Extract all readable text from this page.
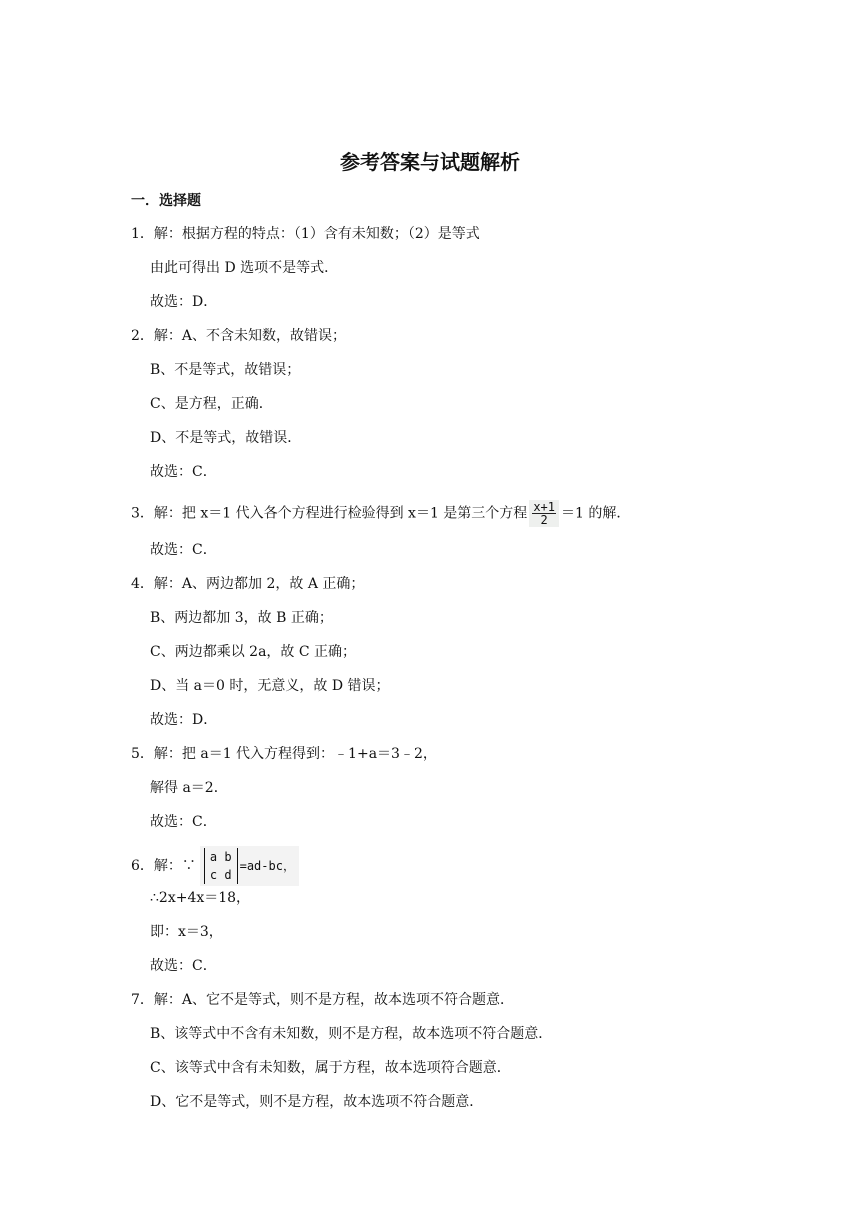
参考答案与试题解析
一．选择题
1．解：根据方程的特点：（1）含有未知数；（2）是等式
由此可得出 D 选项不是等式．
故选：D．
2．解：A、不含未知数，故错误；
B、不是等式，故错误；
C、是方程，正确．
D、不是等式，故错误．
故选：C．
3．解：把 x＝1 代入各个方程进行检验得到 x＝1 是第三个方程 $\frac{x+1}{2} =1$ 的解．
故选：C．
4．解：A、两边都加 2，故 A 正确；
B、两边都加 3，故 B 正确；
C、两边都乘以 2a，故 C 正确；
D、当 a＝0 时，无意义，故 D 错误；
故选：D．
5．解：把 a＝1 代入方程得到：﹣1+a＝3﹣2，
解得 a＝2．
故选：C．
6．解：∵
a b
c d
=ad-bc，
∴2x+4x＝18，
即：x＝3，
故选：C．
7．解：A、它不是等式，则不是方程，故本选项不符合题意．
B、该等式中不含有未知数，则不是方程，故本选项不符合题意．
C、该等式中含有未知数，属于方程，故本选项符合题意．
D、它不是等式，则不是方程，故本选项不符合题意．
